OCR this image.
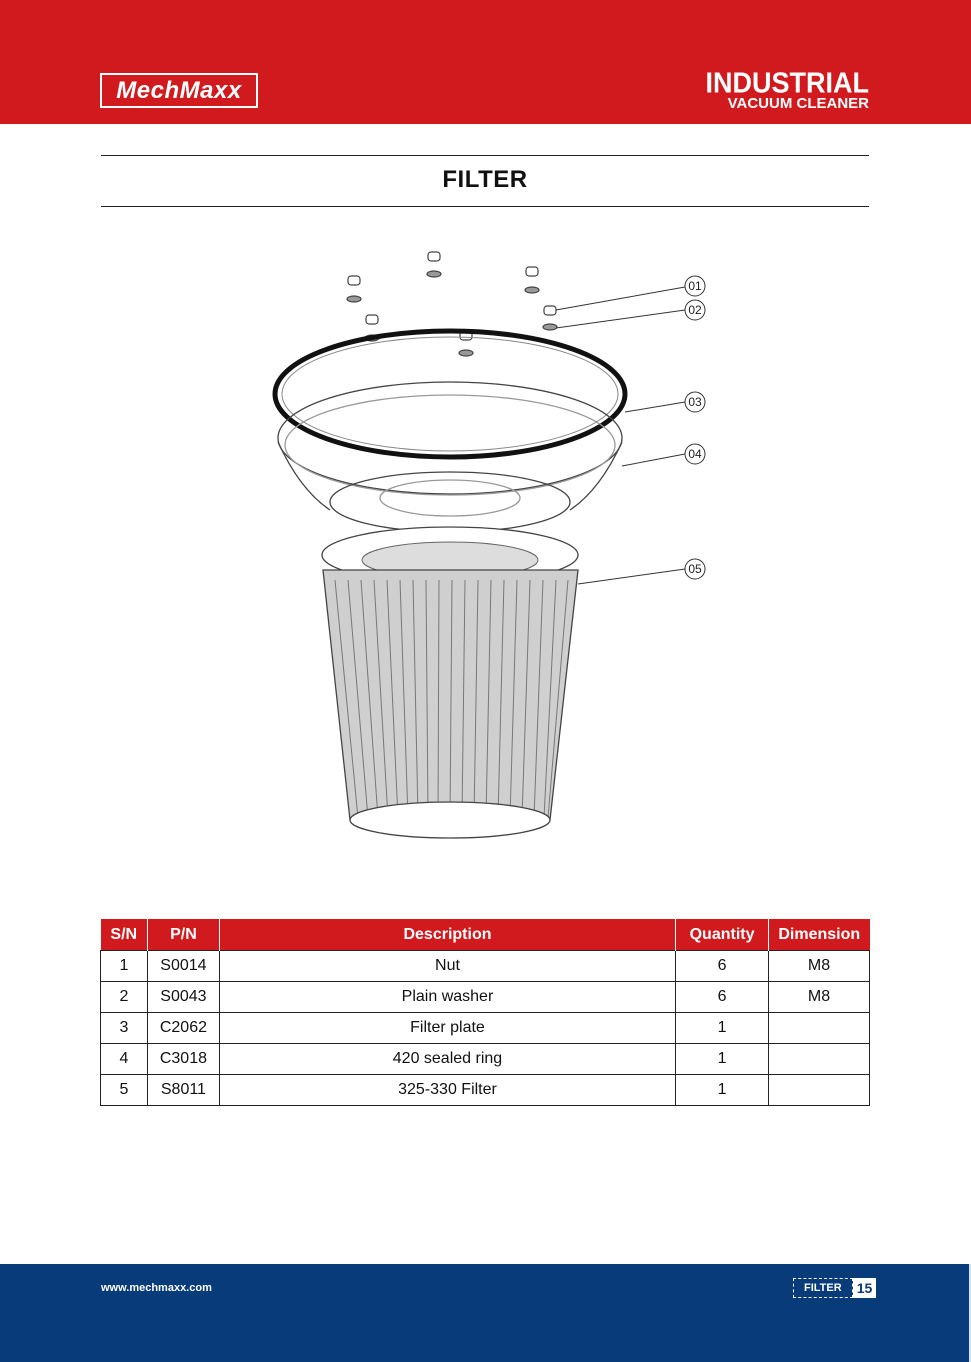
MechMaxx	INDUSTRIAL
VACUUM CLEANER
FILTER
01
02
03
04
05
S/N	P/N	Description	Quantity	Dimension
1	S0014	Nut	6	M8
2	S0043	Plain washer	6	M8
3	C2062	Filter plate	1	
4	C3018	420 sealed ring	1	
5	S8011	325-330 Filter	1	
www.mechmaxx.com	FILTER	15
